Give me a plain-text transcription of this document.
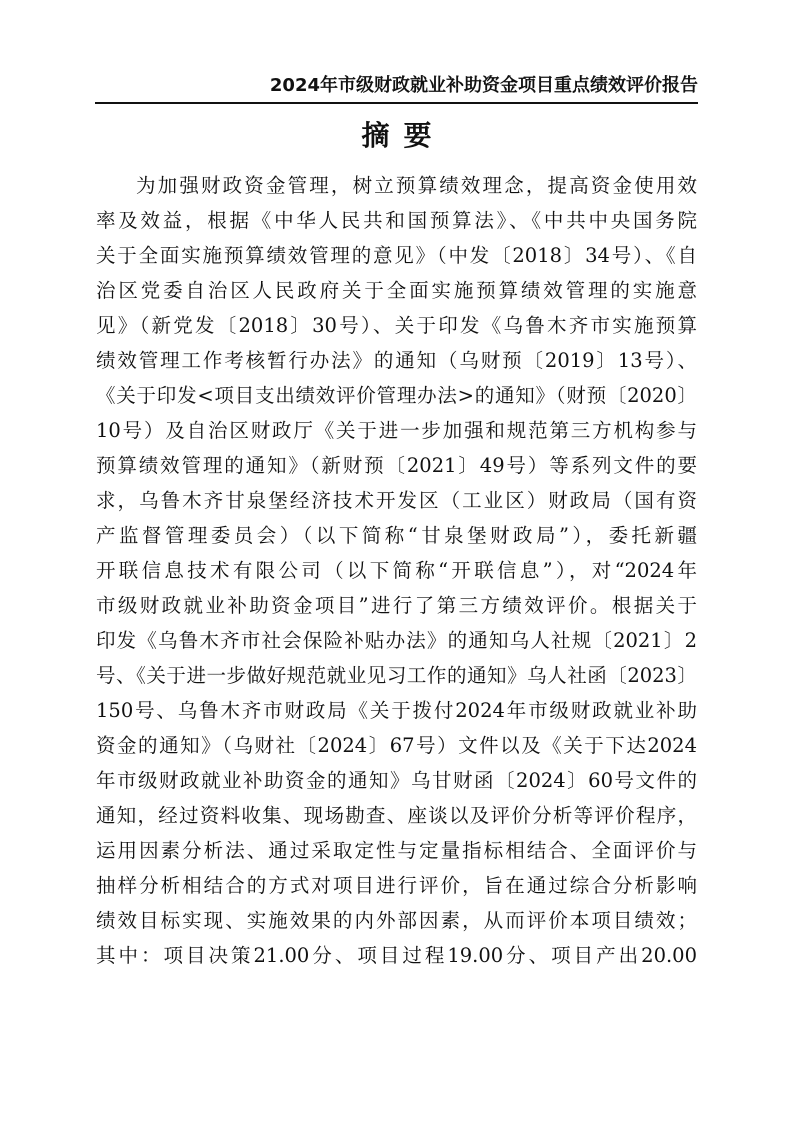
2024年市级财政就业补助资金项目重点绩效评价报告
摘要
为加强财政资金管理，树立预算绩效理念，提高资金使用效
率及效益，根据《中华人民共和国预算法》、《中共中央国务院
关于全面实施预算绩效管理的意见》（中发〔2018〕34号）、《自
治区党委自治区人民政府关于全面实施预算绩效管理的实施意
见》（新党发〔2018〕30号）、关于印发《乌鲁木齐市实施预算
绩效管理工作考核暂行办法》的通知（乌财预〔2019〕13号）、
《关于印发<项目支出绩效评价管理办法>的通知》（财预〔2020〕
10号）及自治区财政厅《关于进一步加强和规范第三方机构参与
预算绩效管理的通知》（新财预〔2021〕49号）等系列文件的要
求，乌鲁木齐甘泉堡经济技术开发区（工业区）财政局（国有资
产监督管理委员会）（以下简称“甘泉堡财政局”），委托新疆
开联信息技术有限公司（以下简称“开联信息”），对“2024年
市级财政就业补助资金项目”进行了第三方绩效评价。根据关于
印发《乌鲁木齐市社会保险补贴办法》的通知乌人社规〔2021〕2
号、《关于进一步做好规范就业见习工作的通知》乌人社函〔2023〕
150号、乌鲁木齐市财政局《关于拨付2024年市级财政就业补助
资金的通知》（乌财社〔2024〕67号）文件以及《关于下达2024
年市级财政就业补助资金的通知》乌甘财函〔2024〕60号文件的
通知，经过资料收集、现场勘查、座谈以及评价分析等评价程序，
运用因素分析法、通过采取定性与定量指标相结合、全面评价与
抽样分析相结合的方式对项目进行评价，旨在通过综合分析影响
绩效目标实现、实施效果的内外部因素，从而评价本项目绩效；
其中：项目决策21.00分、项目过程19.00分、项目产出20.00
